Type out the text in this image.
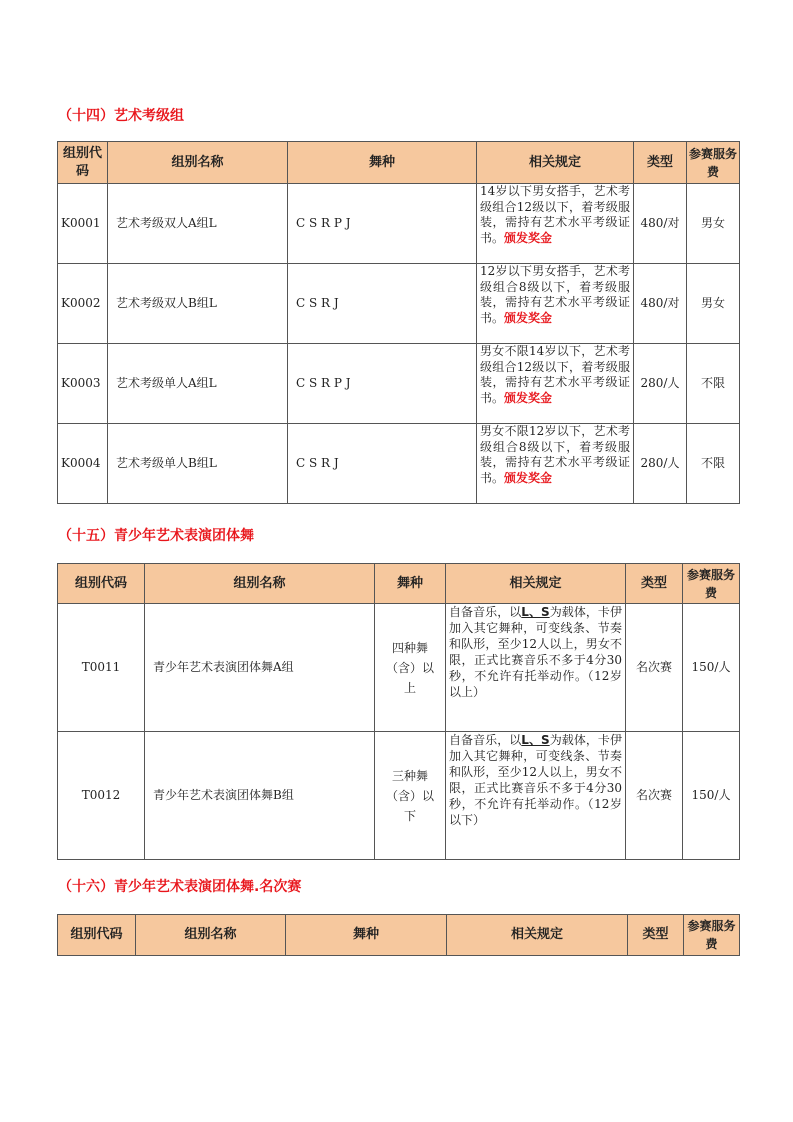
（十四）艺术考级组
组别代码	组别名称	舞种	相关规定	类型	参赛服务费
K0001	艺术考级双人A组L	C S R P J	14岁以下男女搭手，艺术考级组合12级以下，着考级服装，需持有艺术水平考级证书。颁发奖金	480/对	男女
K0002	艺术考级双人B组L	C S R J	12岁以下男女搭手，艺术考级组合8级以下，着考级服装，需持有艺术水平考级证书。颁发奖金	480/对	男女
K0003	艺术考级单人A组L	C S R P J	男女不限14岁以下，艺术考级组合12级以下，着考级服装，需持有艺术水平考级证书。颁发奖金	280/人	不限
K0004	艺术考级单人B组L	C S R J	男女不限12岁以下，艺术考级组合8级以下，着考级服装，需持有艺术水平考级证书。颁发奖金	280/人	不限
（十五）青少年艺术表演团体舞
组别代码	组别名称	舞种	相关规定	类型	参赛服务费
T0011	青少年艺术表演团体舞A组	四种舞（含）以上	自备音乐，以L、S为载体，卡伊加入其它舞种，可变线条、节奏和队形，至少12人以上，男女不限，正式比赛音乐不多于4分30秒，不允许有托举动作。（12岁以上）	名次赛	150/人
T0012	青少年艺术表演团体舞B组	三种舞（含）以下	自备音乐，以L、S为载体，卡伊加入其它舞种，可变线条、节奏和队形，至少12人以上，男女不限，正式比赛音乐不多于4分30秒，不允许有托举动作。（12岁以下）	名次赛	150/人
（十六）青少年艺术表演团体舞.名次赛
组别代码	组别名称	舞种	相关规定	类型	参赛服务费
